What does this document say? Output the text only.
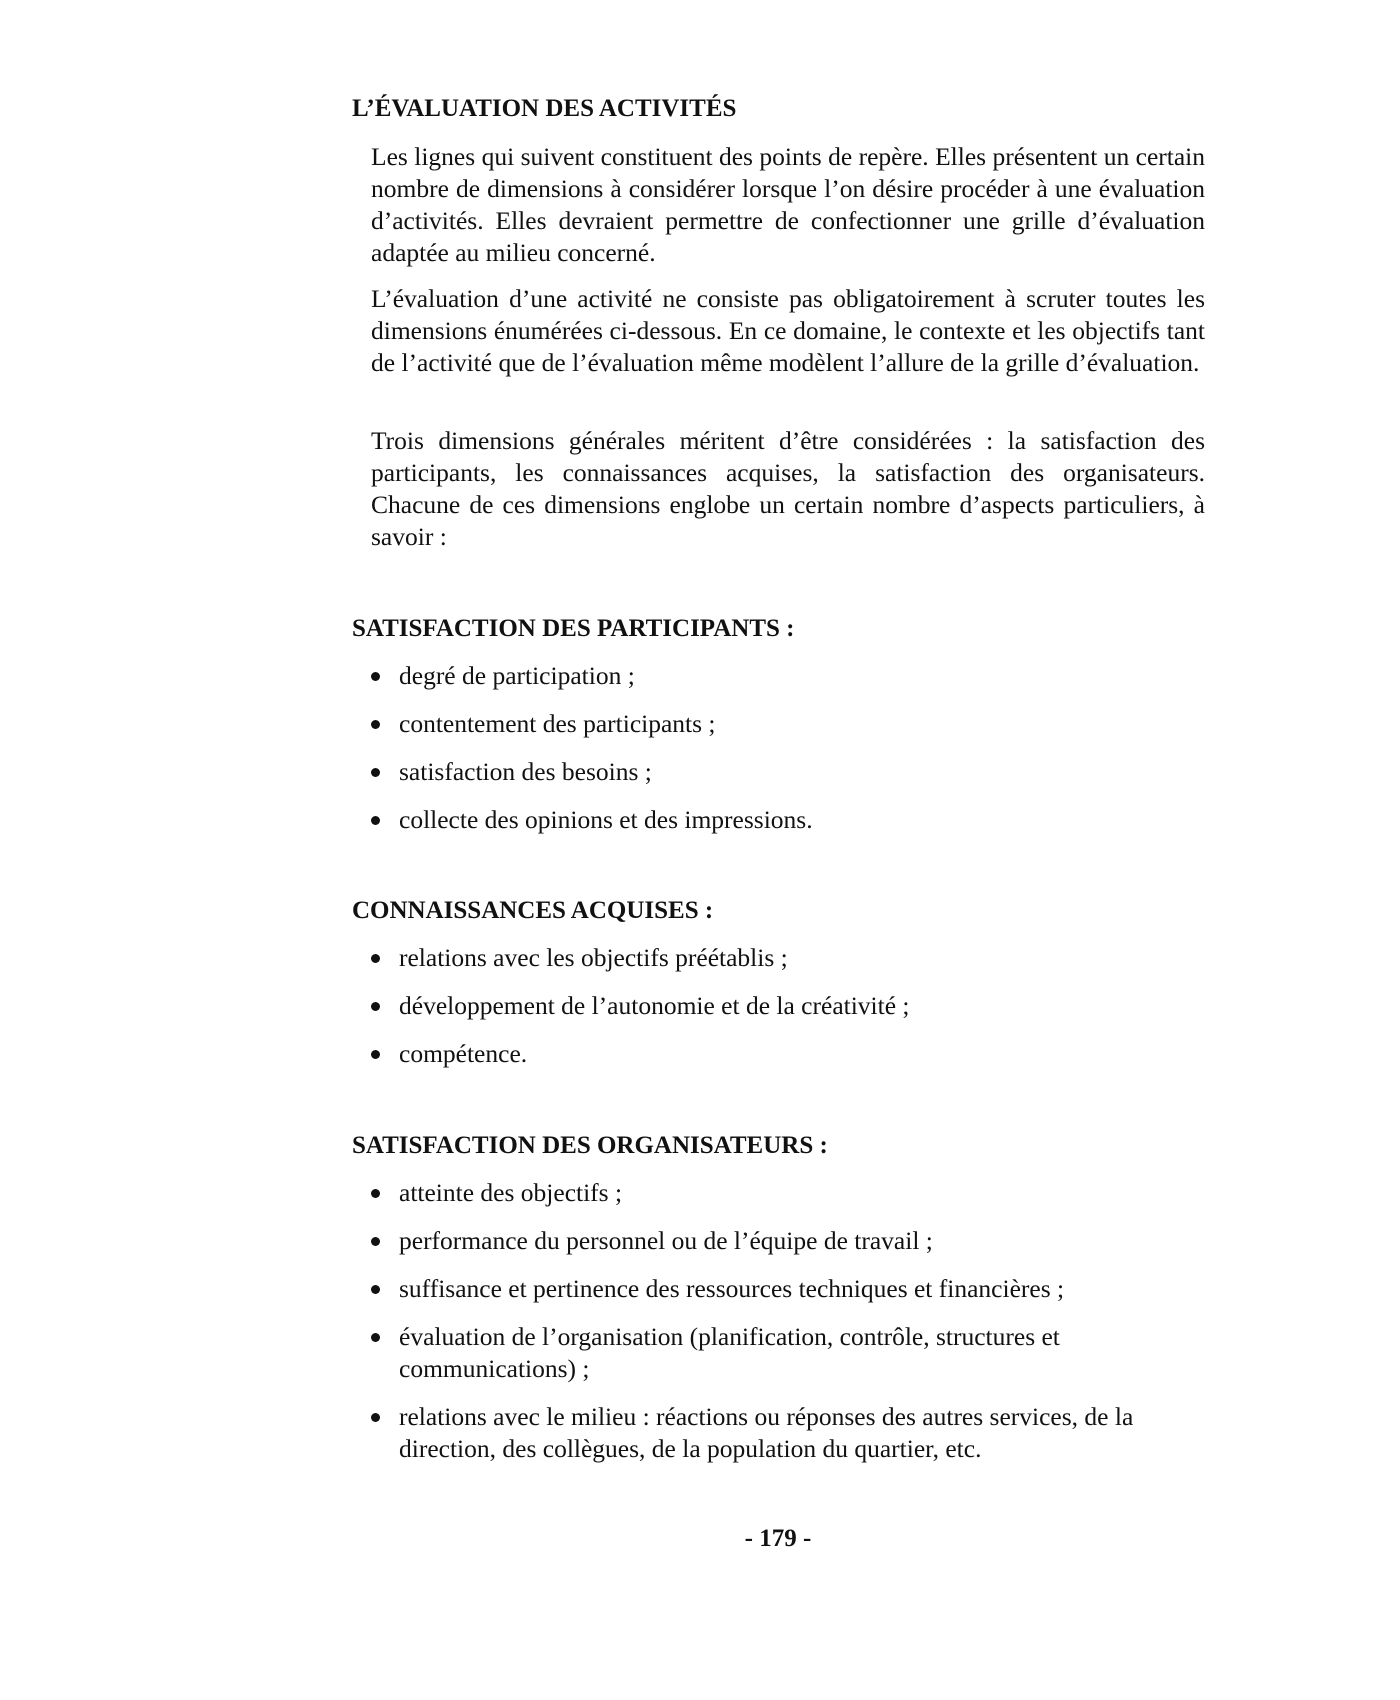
L’ÉVALUATION DES ACTIVITÉS

Les lignes qui suivent constituent des points de repère. Elles présentent un certain nombre de dimensions à considérer lorsque l’on désire procéder à une évaluation d’activités. Elles devraient permettre de confectionner une grille d’évaluation adaptée au milieu concerné.

L’évaluation d’une activité ne consiste pas obligatoirement à scruter toutes les dimensions énumérées ci-dessous. En ce domaine, le contexte et les objectifs tant de l’activité que de l’évaluation même modèlent l’allure de la grille d’évaluation.

Trois dimensions générales méritent d’être considérées : la satisfaction des participants, les connaissances acquises, la satisfaction des organisateurs. Chacune de ces dimensions englobe un certain nombre d’aspects particuliers, à savoir :

SATISFACTION DES PARTICIPANTS :
degré de participation ;
contentement des participants ;
satisfaction des besoins ;
collecte des opinions et des impressions.
CONNAISSANCES ACQUISES :
relations avec les objectifs préétablis ;
développement de l’autonomie et de la créativité ;
compétence.
SATISFACTION DES ORGANISATEURS :
atteinte des objectifs ;
performance du personnel ou de l’équipe de travail ;
suffisance et pertinence des ressources techniques et financières ;
évaluation de l’organisation (planification, contrôle, structures et communications) ;
relations avec le milieu : réactions ou réponses des autres services, de la direction, des collègues, de la population du quartier, etc.
- 179 -
